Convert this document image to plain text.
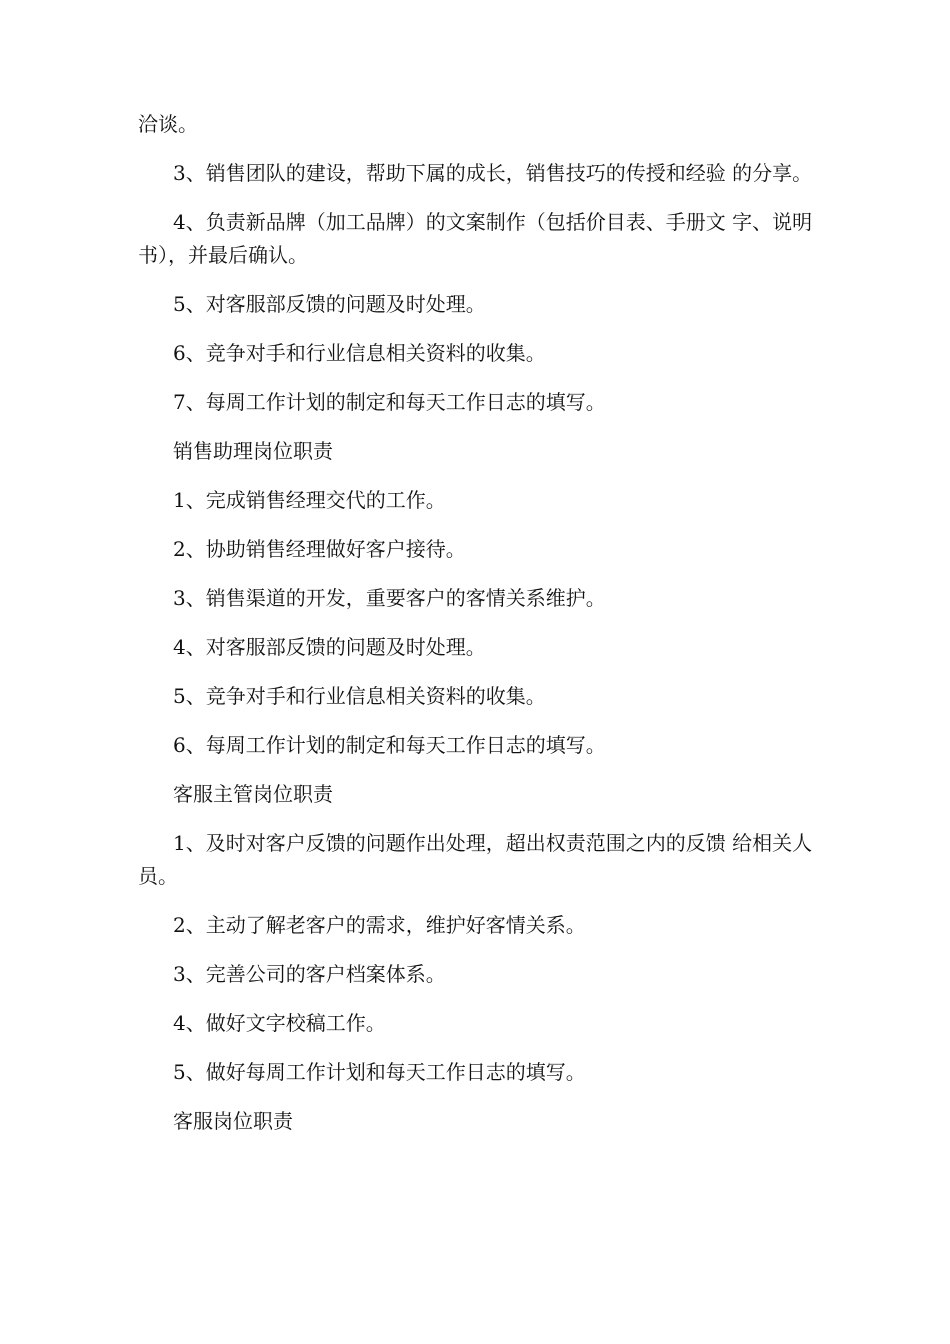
洽谈。

3、销售团队的建设，帮助下属的成长，销售技巧的传授和经验 的分享。

4、负责新品牌（加工品牌）的文案制作（包括价目表、手册文 字、说明书），并最后确认。

5、对客服部反馈的问题及时处理。

6、竞争对手和行业信息相关资料的收集。

7、每周工作计划的制定和每天工作日志的填写。

销售助理岗位职责

1、完成销售经理交代的工作。

2、协助销售经理做好客户接待。

3、销售渠道的开发，重要客户的客情关系维护。

4、对客服部反馈的问题及时处理。

5、竞争对手和行业信息相关资料的收集。

6、每周工作计划的制定和每天工作日志的填写。

客服主管岗位职责

1、及时对客户反馈的问题作出处理，超出权责范围之内的反馈 给相关人员。

2、主动了解老客户的需求，维护好客情关系。

3、完善公司的客户档案体系。

4、做好文字校稿工作。

5、做好每周工作计划和每天工作日志的填写。

客服岗位职责
